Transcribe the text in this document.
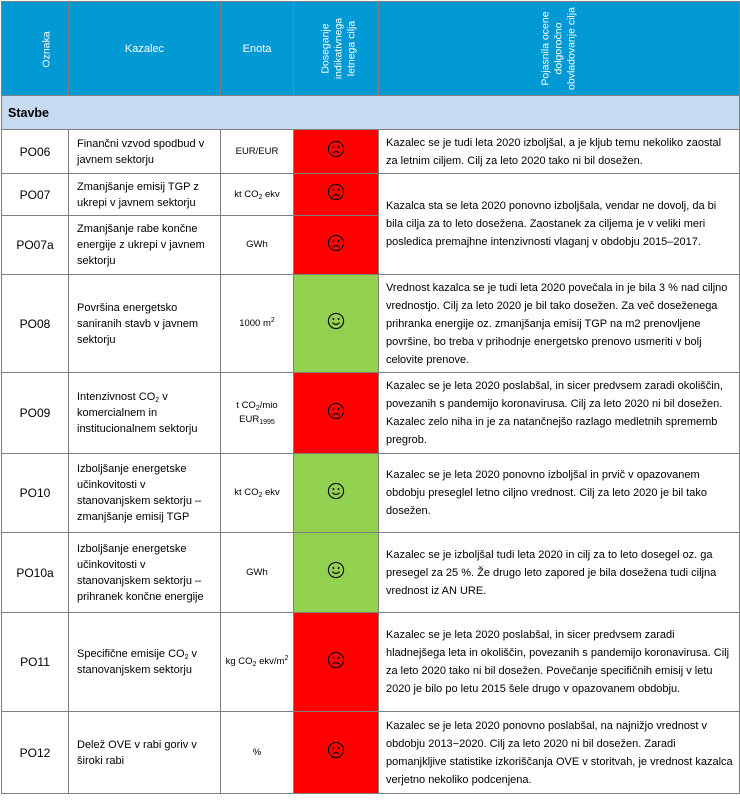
Oznaka	Kazalec	Enota	Doseganje indikativnega letnega cilja	Pojasnila ocene dolgoročno obvladovanje cilja
Stavbe				
PO06	Finančni vzvod spodbud v javnem sektorju	EUR/EUR		Kazalec se je tudi leta 2020 izboljšal, a je kljub temu nekoliko zaostal za letnim ciljem. Cilj za leto 2020 tako ni bil dosežen.
PO07	Zmanjšanje emisij TGP z ukrepi v javnem sektorju	kt $CO_2$ ekv		Kazalca sta se leta 2020 ponovno izboljšala, vendar ne dovolj, da bi bila cilja za to leto dosežena. Zaostanek za ciljema je v veliki meri posledica premajhne intenzivnosti vlaganj v obdobju 2015–2017.
PO07a	Zmanjšanje rabe končne energije z ukrepi v javnem sektorju	GWh	
PO08	Površina energetsko saniranih stavb v javnem sektorju	1000 $m^2$		Vrednost kazalca se je tudi leta 2020 povečala in je bila 3 % nad ciljno vrednostjo. Cilj za leto 2020 je bil tako dosežen. Za več doseženega prihranka energije oz. zmanjšanja emisij TGP na m2 prenovljene površine, bo treba v prihodnje energetsko prenovo usmeriti v bolj celovite prenove.
PO09	Intenzivnost $CO_2$ v komercialnem in institucionalnem sektorju	t $CO_2$/mio $EUR_{1995}$		Kazalec se je leta 2020 poslabšal, in sicer predvsem zaradi okoliščin, povezanih s pandemijo koronavirusa. Cilj za leto 2020 ni bil dosežen. Kazalec zelo niha in je za natančnejšo razlago medletnih sprememb pregrob.
PO10	Izboljšanje energetske učinkovitosti v stanovanjskem sektorju – zmanjšanje emisij TGP	kt $CO_2$ ekv		Kazalec se je leta 2020 ponovno izboljšal in prvič v opazovanem obdobju preseglel letno ciljno vrednost. Cilj za leto 2020 je bil tako dosežen.
PO10a	Izboljšanje energetske učinkovitosti v stanovanjskem sektorju – prihranek končne energije	GWh		Kazalec se je izboljšal tudi leta 2020 in cilj za to leto dosegel oz. ga presegel za 25 %. Že drugo leto zapored je bila dosežena tudi ciljna vrednost iz AN URE.
PO11	Specifične emisije $CO_2$ v stanovanjskem sektorju	kg $CO_2$ ekv/$m^2$		Kazalec se je leta 2020 poslabšal, in sicer predvsem zaradi hladnejšega leta in okoliščin, povezanih s pandemijo koronavirusa. Cilj za leto 2020 tako ni bil dosežen. Povečanje specifičnih emisij v letu 2020 je bilo po letu 2015 šele drugo v opazovanem obdobju.
PO12	Delež OVE v rabi goriv v široki rabi	%		Kazalec se je leta 2020 ponovno poslabšal, na najnižjo vrednost v obdobju 2013−2020. Cilj za leto 2020 ni bil dosežen. Zaradi pomanjkljive statistike izkoriščanja OVE v storitvah, je vrednost kazalca verjetno nekoliko podcenjena.
